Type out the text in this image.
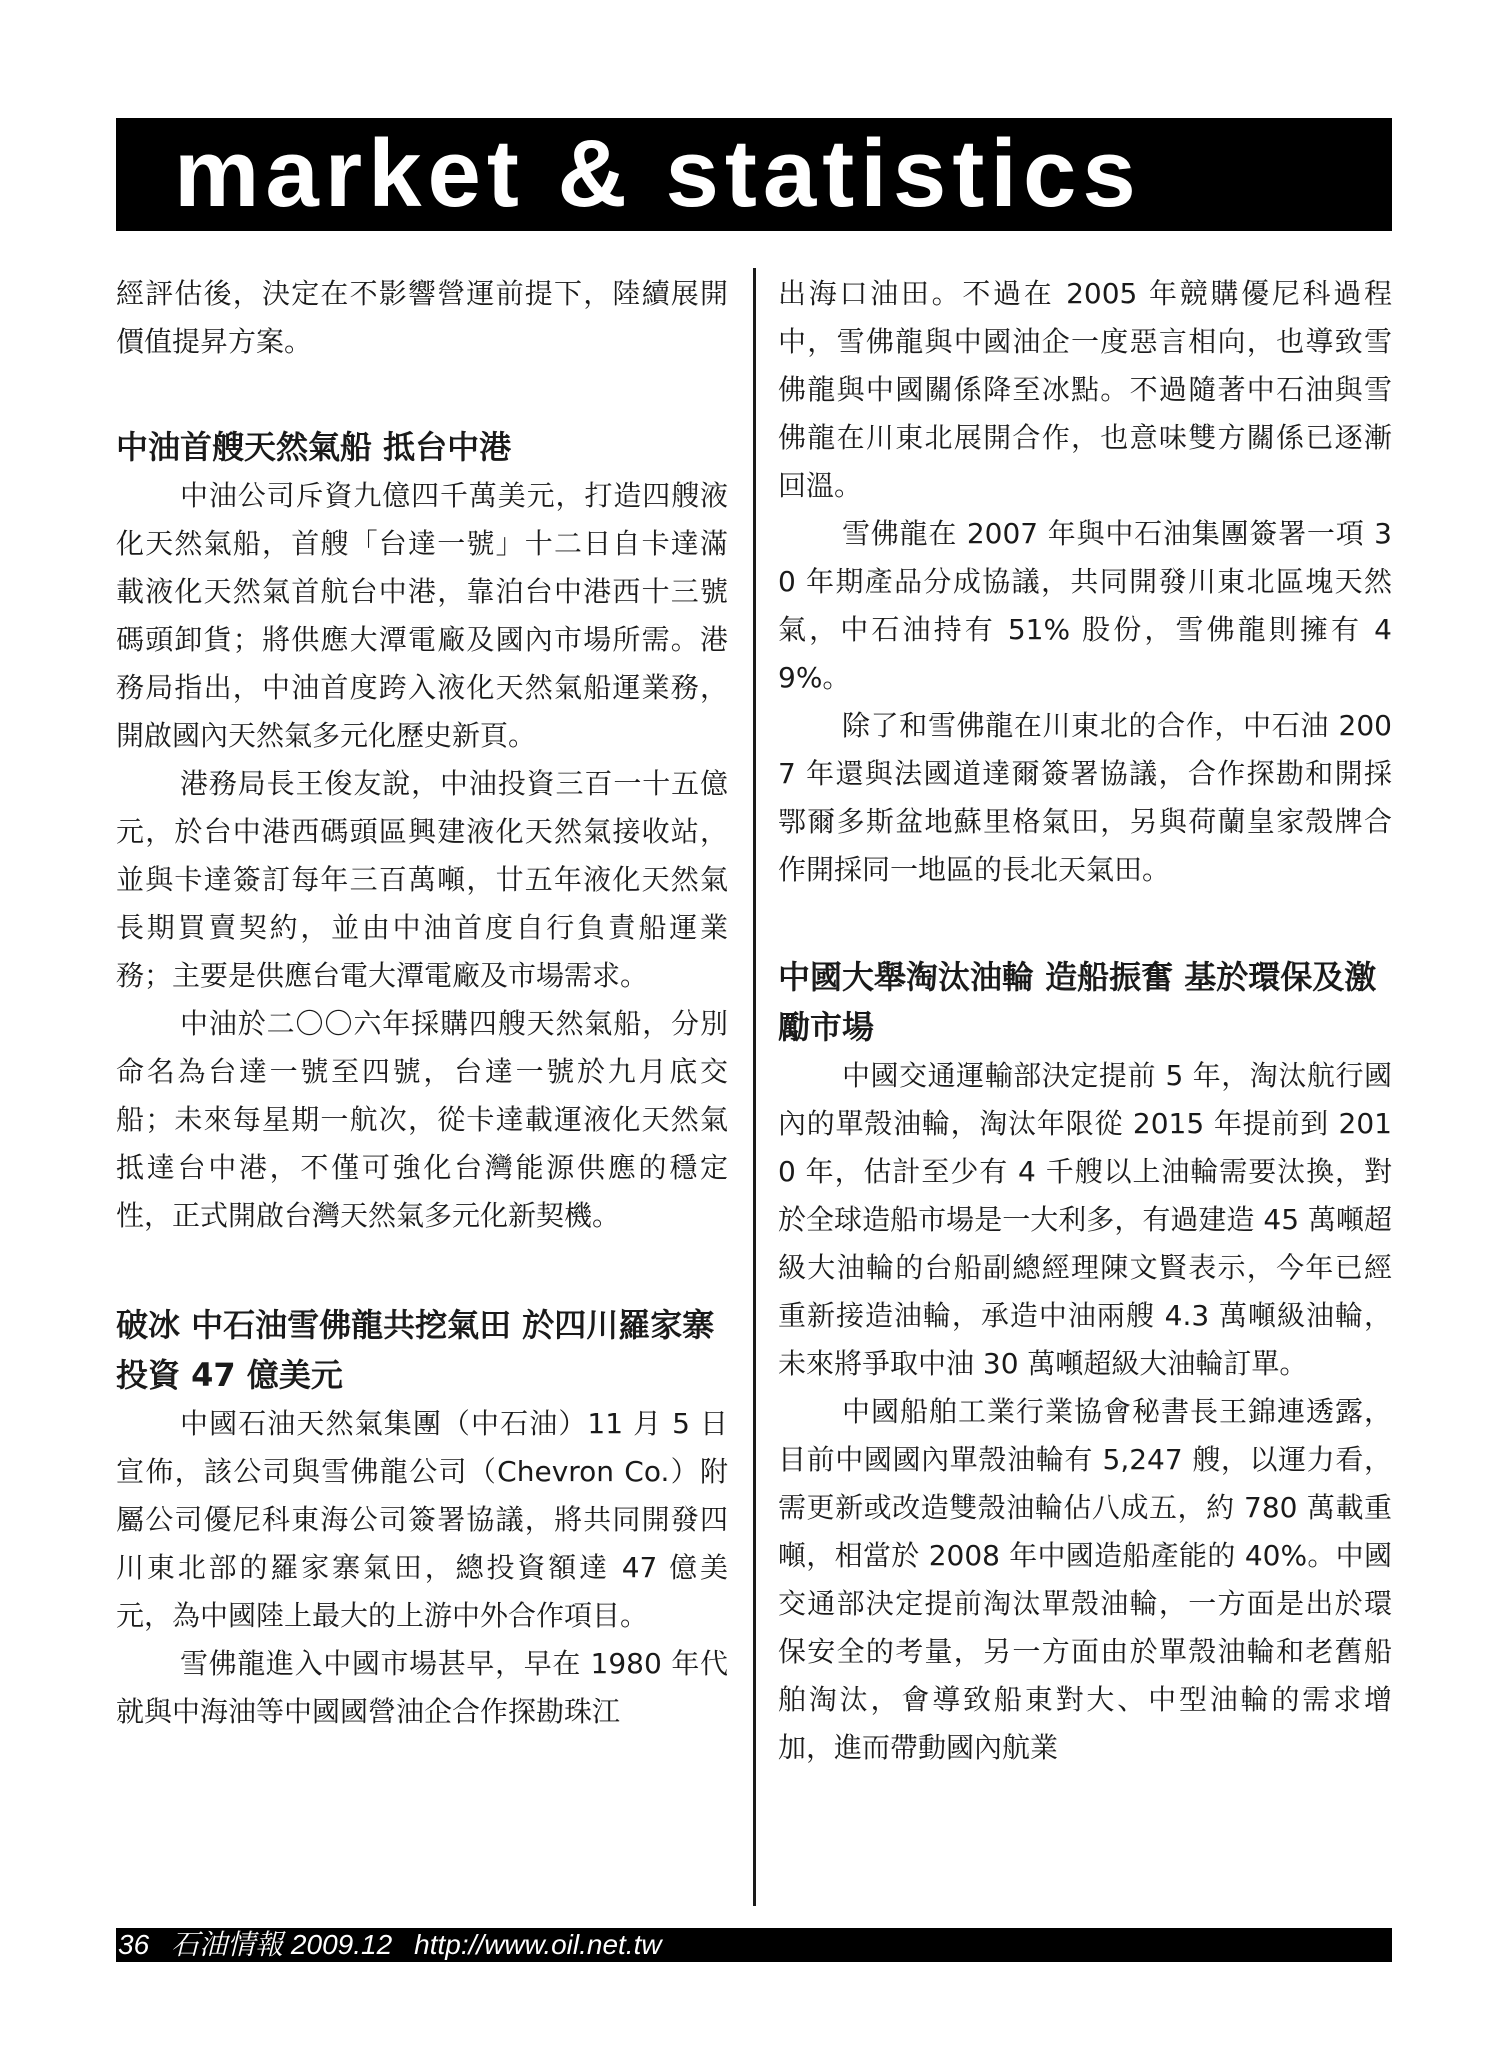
market & statistics

經評估後，決定在不影響營運前提下，陸續展開價值提昇方案。

中油首艘天然氣船 抵台中港

中油公司斥資九億四千萬美元，打造四艘液化天然氣船，首艘「台達一號」十二日自卡達滿載液化天然氣首航台中港，靠泊台中港西十三號碼頭卸貨；將供應大潭電廠及國內市場所需。港務局指出，中油首度跨入液化天然氣船運業務，開啟國內天然氣多元化歷史新頁。

港務局長王俊友說，中油投資三百一十五億元，於台中港西碼頭區興建液化天然氣接收站，並與卡達簽訂每年三百萬噸，廿五年液化天然氣長期買賣契約，並由中油首度自行負責船運業務；主要是供應台電大潭電廠及市場需求。

中油於二〇〇六年採購四艘天然氣船，分別命名為台達一號至四號，台達一號於九月底交船；未來每星期一航次，從卡達載運液化天然氣抵達台中港，不僅可強化台灣能源供應的穩定性，正式開啟台灣天然氣多元化新契機。

破冰 中石油雪佛龍共挖氣田 於四川羅家寨投資 47 億美元

中國石油天然氣集團（中石油）11 月 5 日宣佈，該公司與雪佛龍公司（Chevron Co.）附屬公司優尼科東海公司簽署協議，將共同開發四川東北部的羅家寨氣田，總投資額達 47 億美元，為中國陸上最大的上游中外合作項目。

雪佛龍進入中國市場甚早，早在 1980 年代就與中海油等中國國營油企合作探勘珠江

出海口油田。不過在 2005 年競購優尼科過程中，雪佛龍與中國油企一度惡言相向，也導致雪佛龍與中國關係降至冰點。不過隨著中石油與雪佛龍在川東北展開合作，也意味雙方關係已逐漸回溫。

雪佛龍在 2007 年與中石油集團簽署一項 30 年期產品分成協議，共同開發川東北區塊天然氣，中石油持有 51% 股份，雪佛龍則擁有 49%。

除了和雪佛龍在川東北的合作，中石油 2007 年還與法國道達爾簽署協議，合作探勘和開採鄂爾多斯盆地蘇里格氣田，另與荷蘭皇家殼牌合作開採同一地區的長北天氣田。

中國大舉淘汰油輪 造船振奮 基於環保及激勵市場

中國交通運輸部決定提前 5 年，淘汰航行國內的單殼油輪，淘汰年限從 2015 年提前到 2010 年，估計至少有 4 千艘以上油輪需要汰換，對於全球造船市場是一大利多，有過建造 45 萬噸超級大油輪的台船副總經理陳文賢表示，今年已經重新接造油輪，承造中油兩艘 4.3 萬噸級油輪，未來將爭取中油 30 萬噸超級大油輪訂單。

中國船舶工業行業協會秘書長王錦連透露，目前中國國內單殼油輪有 5,247 艘，以運力看，需更新或改造雙殼油輪佔八成五，約 780 萬載重噸，相當於 2008 年中國造船產能的 40%。中國交通部決定提前淘汰單殼油輪，一方面是出於環保安全的考量，另一方面由於單殼油輪和老舊船舶淘汰，會導致船東對大、中型油輪的需求增加，進而帶動國內航業

36 石油情報 2009.12 http://www.oil.net.tw
